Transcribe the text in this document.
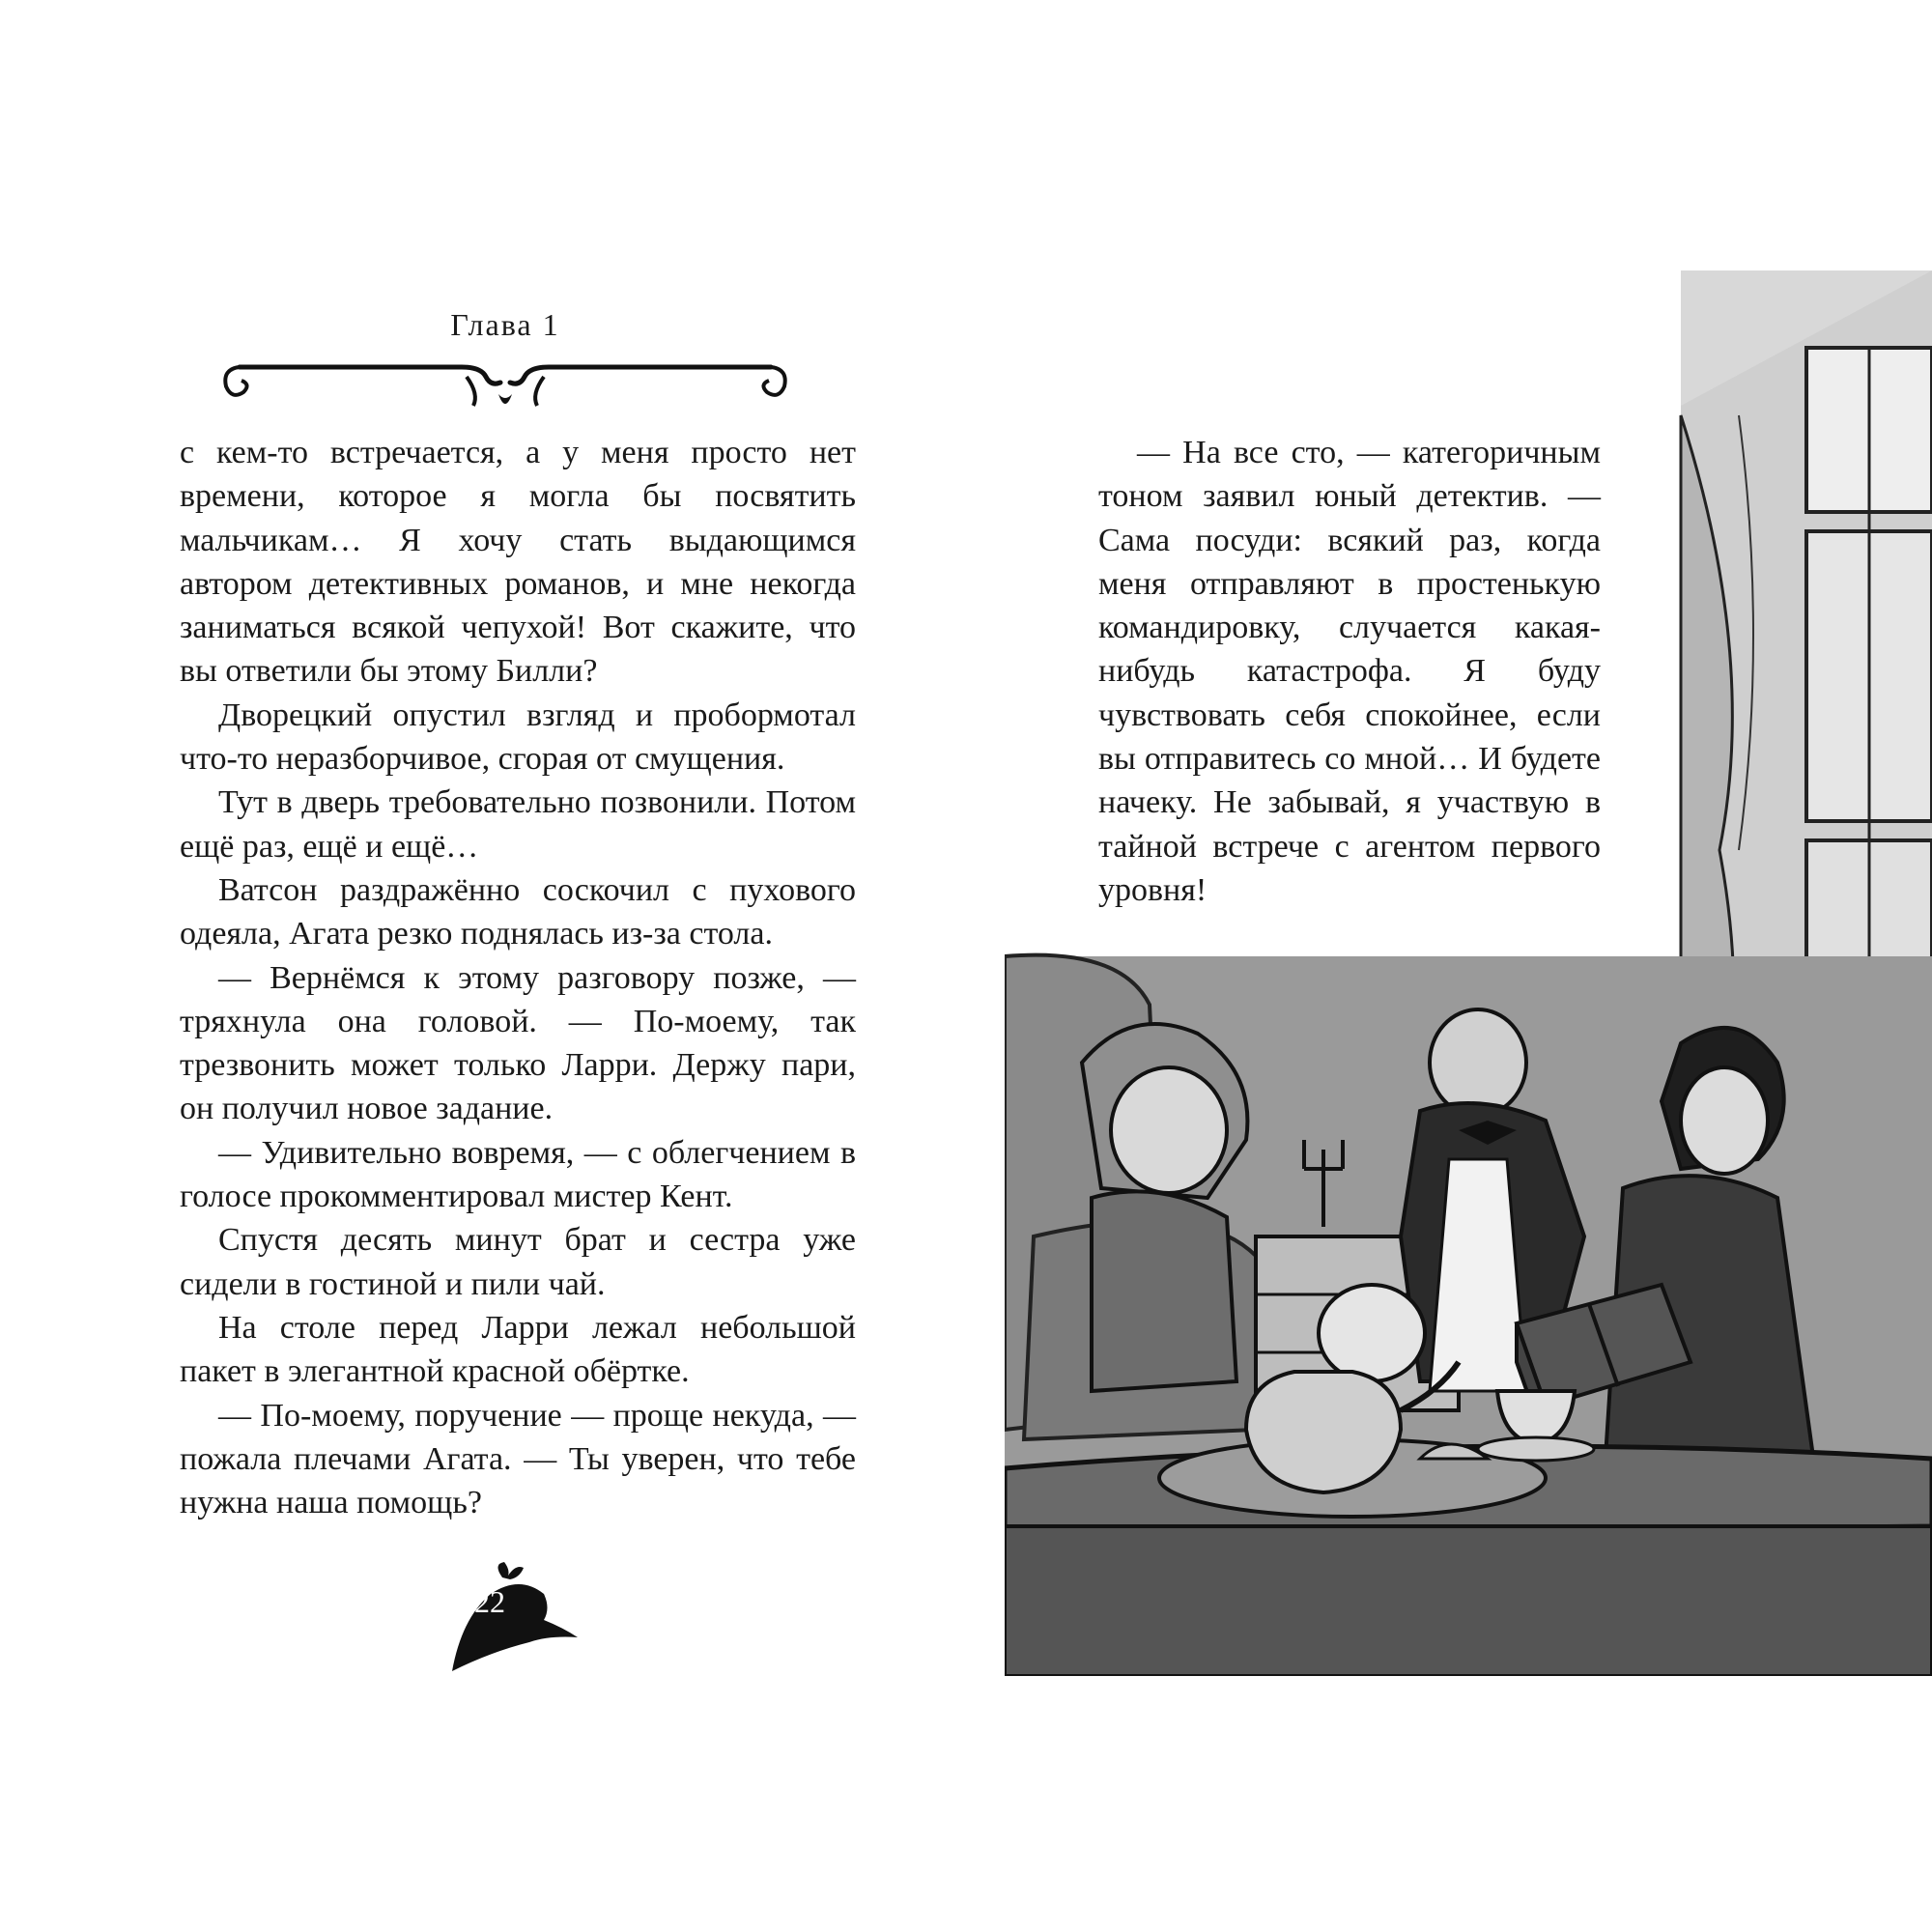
Глава 1

с кем-то встречается, а у меня просто нет времени, которое я могла бы посвятить мальчикам… Я хочу стать выдающимся автором детективных романов, и мне некогда заниматься всякой чепухой! Вот скажите, что вы ответили бы этому Билли?

Дворецкий опустил взгляд и пробормотал что-то неразборчивое, сгорая от смущения.

Тут в дверь требовательно позвонили. Потом ещё раз, ещё и ещё…

Ватсон раздражённо соскочил с пухового одеяла, Агата резко поднялась из-за стола.

— Вернёмся к этому разговору позже, — тряхнула она головой. — По-моему, так трезвонить может только Ларри. Держу пари, он получил новое задание.

— Удивительно вовремя, — с облегчением в голосе прокомментировал мистер Кент.

Спустя десять минут брат и сестра уже сидели в гостиной и пили чай.

На столе перед Ларри лежал небольшой пакет в элегантной красной обёртке.

— По-моему, поручение — проще некуда, — пожала плечами Агата. — Ты уверен, что тебе нужна наша помощь?

22

— На все сто, — категоричным тоном заявил юный детектив. — Сама посуди: всякий раз, когда меня отправляют в простенькую командировку, случается какая-нибудь катастрофа. Я буду чувствовать себя спокойнее, если вы отправитесь со мной… И будете начеку. Не забывай, я участвую в тайной встрече с агентом первого уровня!
